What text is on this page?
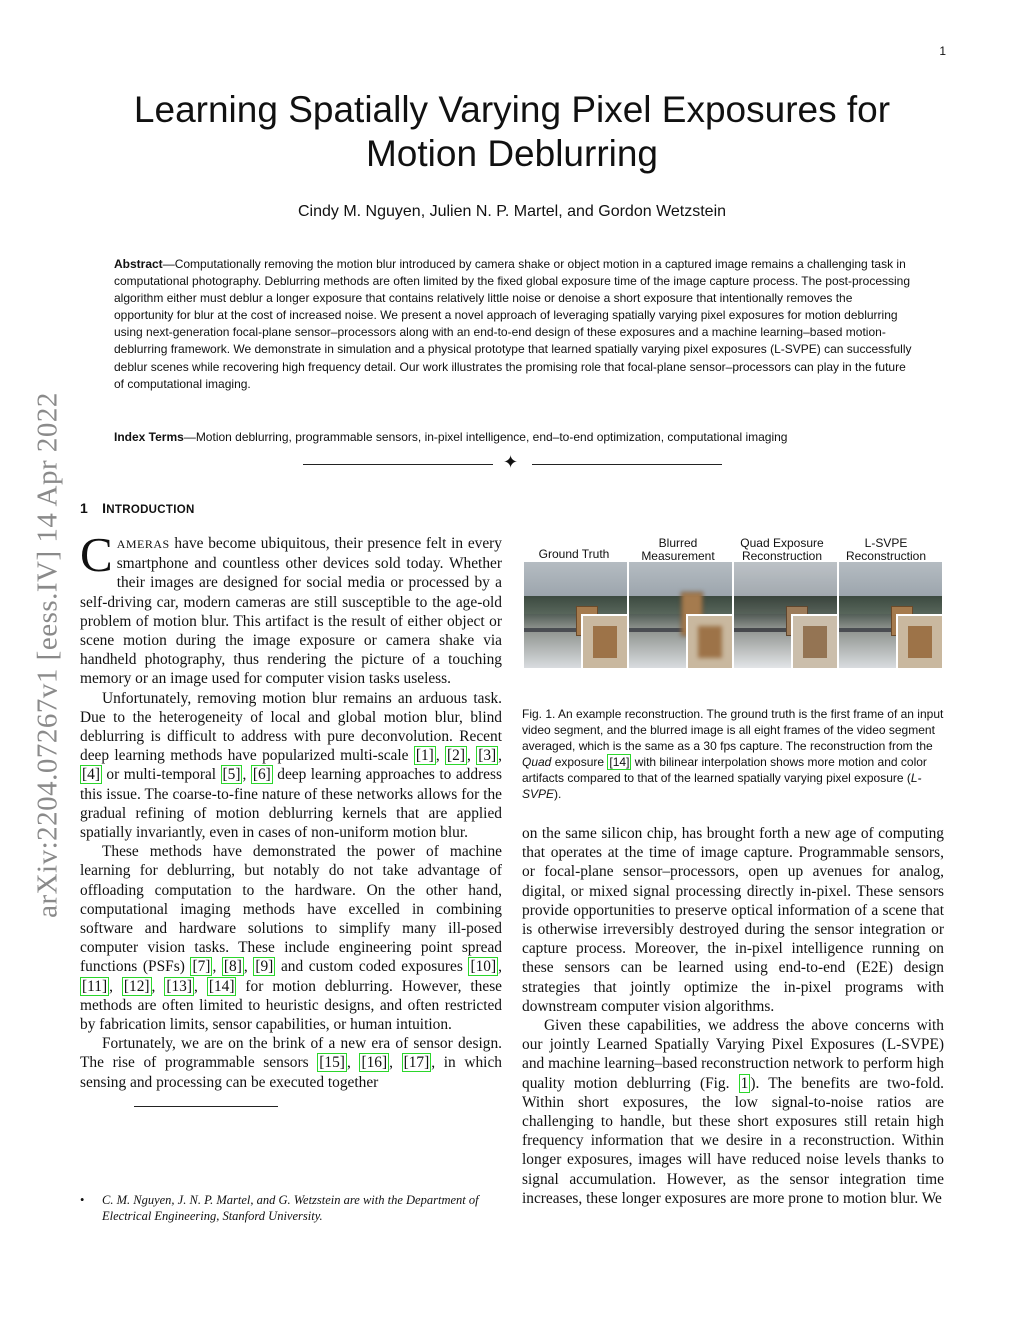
1
arXiv:2204.07267v1 [eess.IV] 14 Apr 2022
Learning Spatially Varying Pixel Exposures for
Motion Deblurring
Cindy M. Nguyen, Julien N. P. Martel, and Gordon Wetzstein
Abstract—Computationally removing the motion blur introduced by camera shake or object motion in a captured image remains a challenging task in computational photography. Deblurring methods are often limited by the fixed global exposure time of the image capture process. The post-processing algorithm either must deblur a longer exposure that contains relatively little noise or denoise a short exposure that intentionally removes the opportunity for blur at the cost of increased noise. We present a novel approach of leveraging spatially varying pixel exposures for motion deblurring using next-generation focal-plane sensor–processors along with an end-to-end design of these exposures and a machine learning–based motion-deblurring framework. We demonstrate in simulation and a physical prototype that learned spatially varying pixel exposures (L-SVPE) can successfully deblur scenes while recovering high frequency detail. Our work illustrates the promising role that focal-plane sensor–processors can play in the future of computational imaging.
Index Terms—Motion deblurring, programmable sensors, in-pixel intelligence, end–to-end optimization, computational imaging
✦
1 INTRODUCTION

CAMERAS have become ubiquitous, their presence felt in every smartphone and countless other devices sold today. Whether their images are designed for social media or processed by a self-driving car, modern cameras are still susceptible to the age-old problem of motion blur. This artifact is the result of either object or scene motion during the image exposure or camera shake via handheld photography, thus rendering the picture of a touching memory or an image used for computer vision tasks useless.

Unfortunately, removing motion blur remains an arduous task. Due to the heterogeneity of local and global motion blur, blind deblurring is difficult to address with pure deconvolution. Recent deep learning methods have popularized multi-scale [1] , [2] , [3] , [4] or multi-temporal [5] , [6] deep learning approaches to address this issue. The coarse-to-fine nature of these networks allows for the gradual refining of motion deblurring kernels that are applied spatially invariantly, even in cases of non-uniform motion blur.

These methods have demonstrated the power of machine learning for deblurring, but notably do not take advantage of offloading computation to the hardware. On the other hand, computational imaging methods have excelled in combining software and hardware solutions to simplify many ill-posed computer vision tasks. These include engineering point spread functions (PSFs) [7] , [8] , [9] and custom coded exposures [10] , [11] , [12] , [13] , [14] for motion deblurring. However, these methods are often limited to heuristic designs, and often restricted by fabrication limits, sensor capabilities, or human intuition.

Fortunately, we are on the brink of a new era of sensor design. The rise of programmable sensors [15] , [16] , [17] , in which sensing and processing can be executed together

• C. M. Nguyen, J. N. P. Martel, and G. Wetzstein are with the Department of Electrical Engineering, Stanford University.
Ground Truth
Blurred
Measurement
Quad Exposure
Reconstruction
L-SVPE
Reconstruction
Fig. 1. An example reconstruction. The ground truth is the first frame of an input video segment, and the blurred image is all eight frames of the video segment averaged, which is the same as a 30 fps capture. The reconstruction from the Quad exposure [14] with bilinear interpolation shows more motion and color artifacts compared to that of the learned spatially varying pixel exposure (L-SVPE).

on the same silicon chip, has brought forth a new age of computing that operates at the time of image capture. Programmable sensors, or focal-plane sensor–processors, open up avenues for analog, digital, or mixed signal processing directly in-pixel. These sensors provide opportunities to preserve optical information of a scene that is otherwise irreversibly destroyed during the sensor integration or capture process. Moreover, the in-pixel intelligence running on these sensors can be learned using end-to-end (E2E) design strategies that jointly optimize the in-pixel programs with downstream computer vision algorithms.

Given these capabilities, we address the above concerns with our jointly Learned Spatially Varying Pixel Exposures (L-SVPE) and machine learning–based reconstruction network to perform high quality motion deblurring (Fig. 1 ). The benefits are two-fold. Within short exposures, the low signal-to-noise ratios are challenging to handle, but these short exposures still retain high frequency information that we desire in a reconstruction. Within longer exposures, images will have reduced noise levels thanks to signal accumulation. However, as the sensor integration time increases, these longer exposures are more prone to motion blur. We
